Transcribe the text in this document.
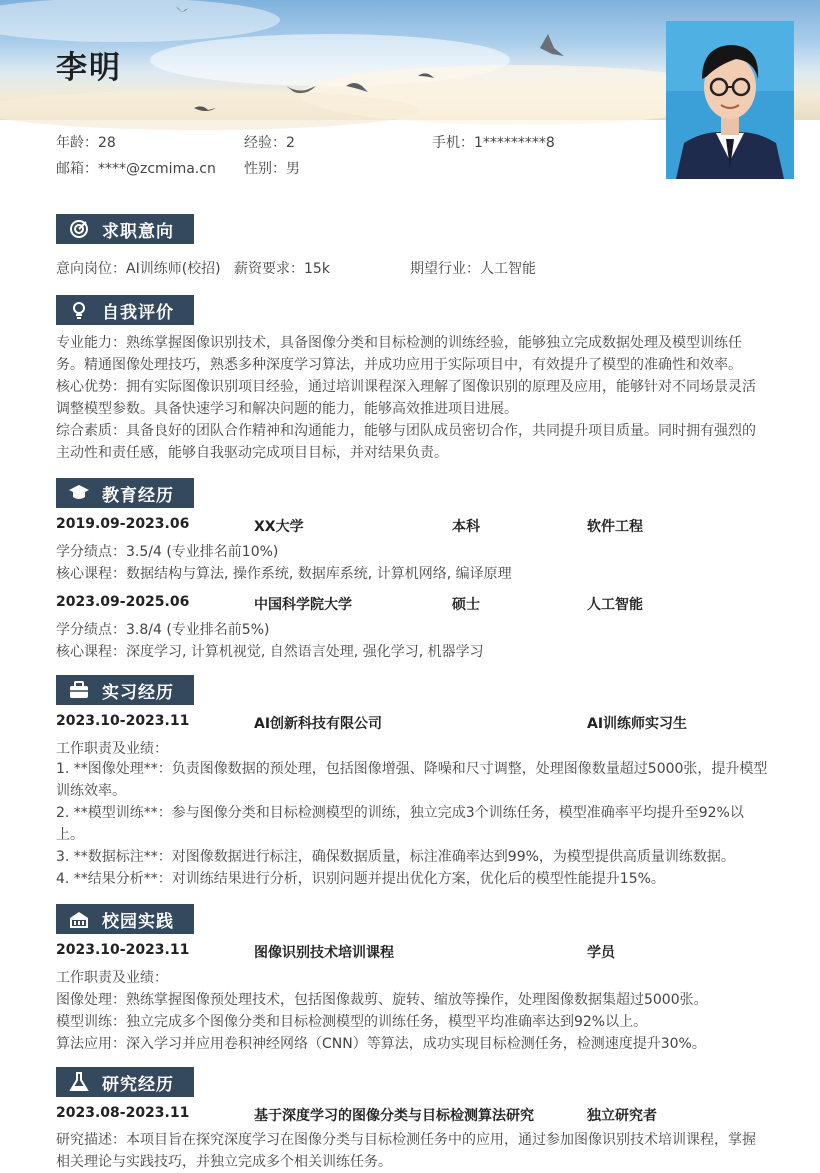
李明
年龄：28	经验：2	手机：1*********8
邮箱：****@zcmima.cn 性别：男
求职意向
意向岗位：AI训练师(校招) 薪资要求：15k	期望行业：人工智能
自我评价
专业能力：熟练掌握图像识别技术，具备图像分类和目标检测的训练经验，能够独立完成数据处理及模型训练任务。精通图像处理技巧，熟悉多种深度学习算法，并成功应用于实际项目中，有效提升了模型的准确性和效率。
核心优势：拥有实际图像识别项目经验，通过培训课程深入理解了图像识别的原理及应用，能够针对不同场景灵活调整模型参数。具备快速学习和解决问题的能力，能够高效推进项目进展。
综合素质：具备良好的团队合作精神和沟通能力，能够与团队成员密切合作，共同提升项目质量。同时拥有强烈的主动性和责任感，能够自我驱动完成项目目标，并对结果负责。
教育经历
2019.09-2023.06	XX大学	本科	软件工程
学分绩点：3.5/4 (专业排名前10%)
核心课程：数据结构与算法, 操作系统, 数据库系统, 计算机网络, 编译原理
2023.09-2025.06	中国科学院大学	硕士	人工智能
学分绩点：3.8/4 (专业排名前5%)
核心课程：深度学习, 计算机视觉, 自然语言处理, 强化学习, 机器学习
实习经历
2023.10-2023.11	AI创新科技有限公司	AI训练师实习生
工作职责及业绩：
1. **图像处理**：负责图像数据的预处理，包括图像增强、降噪和尺寸调整，处理图像数量超过5000张，提升模型训练效率。
2. **模型训练**：参与图像分类和目标检测模型的训练，独立完成3个训练任务，模型准确率平均提升至92%以上。
3. **数据标注**：对图像数据进行标注，确保数据质量，标注准确率达到99%，为模型提供高质量训练数据。
4. **结果分析**：对训练结果进行分析，识别问题并提出优化方案，优化后的模型性能提升15%。
校园实践
2023.10-2023.11	图像识别技术培训课程	学员
工作职责及业绩：
图像处理：熟练掌握图像预处理技术，包括图像裁剪、旋转、缩放等操作，处理图像数据集超过5000张。
模型训练：独立完成多个图像分类和目标检测模型的训练任务，模型平均准确率达到92%以上。
算法应用：深入学习并应用卷积神经网络（CNN）等算法，成功实现目标检测任务，检测速度提升30%。
研究经历
2023.08-2023.11	基于深度学习的图像分类与目标检测算法研究	独立研究者
研究描述：本项目旨在探究深度学习在图像分类与目标检测任务中的应用，通过参加图像识别技术培训课程，掌握相关理论与实践技巧，并独立完成多个相关训练任务。
